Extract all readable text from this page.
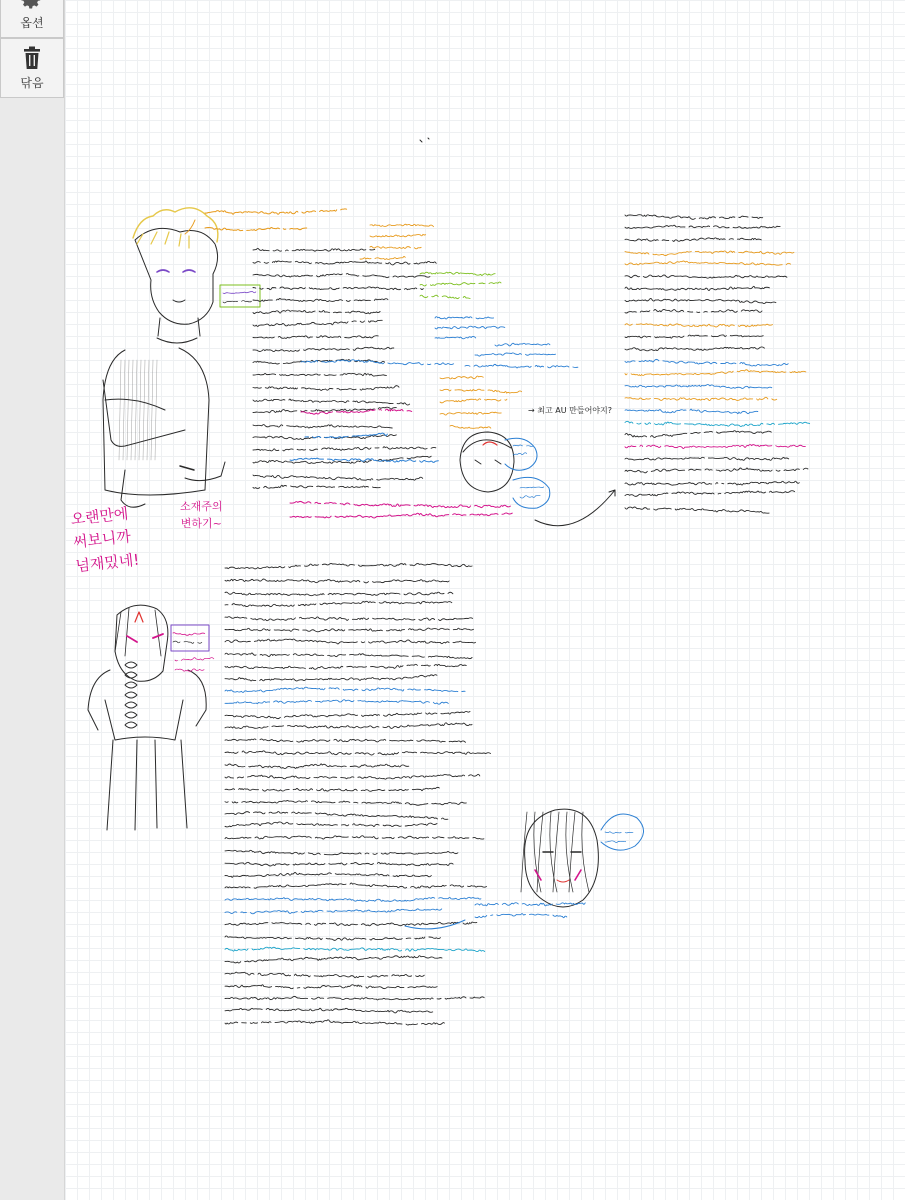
옵션
닦음
오랜만에
써보니까
넘재밌네!
소재주의
변하기~
→ 최고 AU 만들어야지?
